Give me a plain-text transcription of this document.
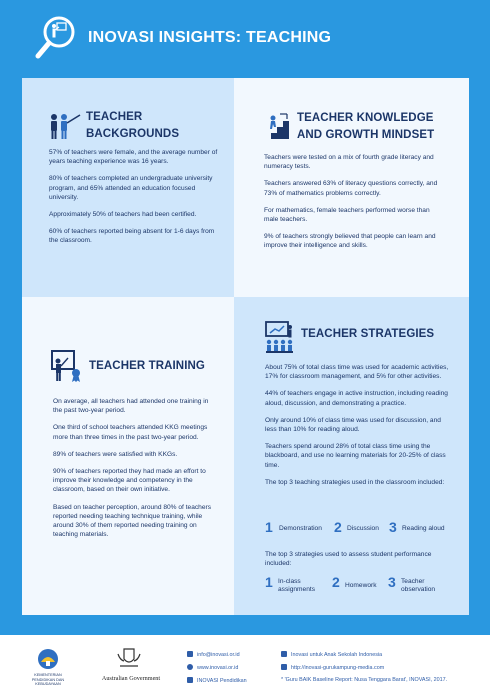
INOVASI INSIGHTS: TEACHING
TEACHER
BACKGROUNDS

57% of teachers were female, and the average number of years teaching experience was 16 years.

80% of teachers completed an undergraduate university program, and 65% attended an education focused university.

Approximately 50% of teachers had been certified.

60% of teachers reported being absent for 1-6 days from the classroom.

TEACHER KNOWLEDGE
AND GROWTH MINDSET

Teachers were tested on a mix of fourth grade literacy and numeracy tests.

Teachers answered 63% of literacy questions correctly, and 73% of mathematics problems correctly.

For mathematics, female teachers performed worse than male teachers.

9% of teachers strongly believed that people can learn and improve their intelligence and skills.

TEACHER TRAINING

On average, all teachers had attended one training in the past two-year period.

One third of school teachers attended KKG meetings more than three times in the past two-year period.

89% of teachers were satisfied with KKGs.

90% of teachers reported they had made an effort to improve their knowledge and competency in the classroom, based on their own initiative.

Based on teacher perception, around 80% of teachers reported needing teaching technique training, while around 30% of them reported needing training on teaching materials.

TEACHER STRATEGIES

About 75% of total class time was used for academic activities, 17% for classroom management, and 5% for other activities.

44% of teachers engage in active instruction, including reading aloud, discussion, and demonstrating a practice.

Only around 10% of class time was used for discussion, and less than 10% for reading aloud.

Teachers spend around 28% of total class time using the blackboard, and use no learning materials for 20-25% of class time.

The top 3 teaching strategies used in the classroom included:

1 Demonstration 2 Discussion 3 Reading aloud
The top 3 strategies used to assess student performance included:
1 In-class
assignments 2 Homework 3 Teacher
observation
KEMENTERIAN
PENDIDIKAN DAN KEBUDAYAAN
Australian Government
info@inovasi.or.id
www.inovasi.or.id
INOVASI Pendidikan
Inovasi untuk Anak Sekolah Indonesia
http://inovasi-gurukampung-media.com
* 'Guru BAIK Baseline Report: Nusa Tenggara Barat', INOVASI, 2017.
